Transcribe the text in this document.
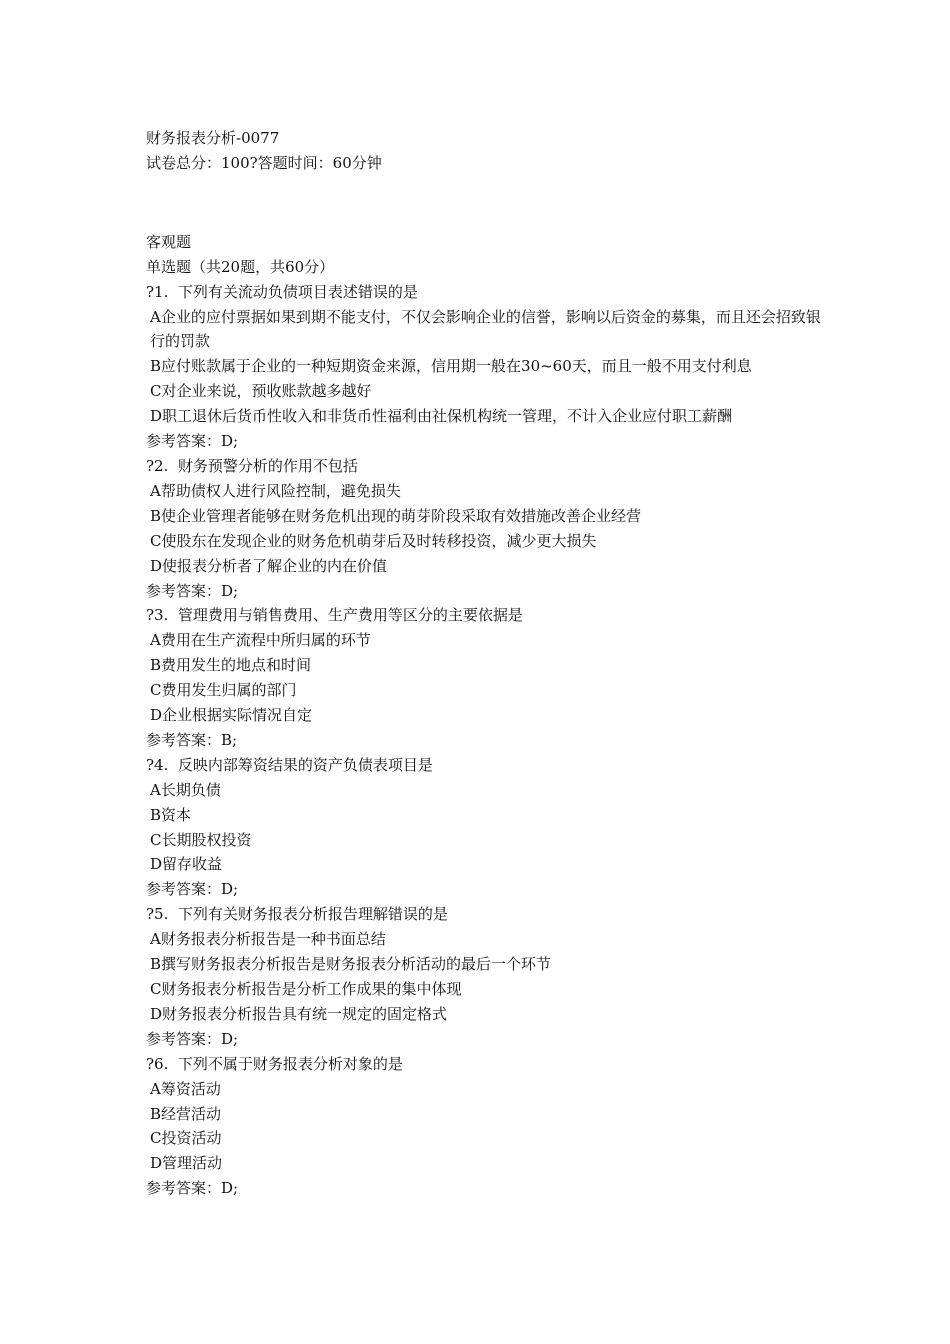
财务报表分析-0077
试卷总分：100?答题时间：60分钟
客观题
单选题（共20题，共60分）
?1.  下列有关流动负债项目表述错误的是
A企业的应付票据如果到期不能支付，不仅会影响企业的信誉，影响以后资金的募集，而且还会招致银行的罚款
B应付账款属于企业的一种短期资金来源，信用期一般在30~60天，而且一般不用支付利息
C对企业来说，预收账款越多越好
D职工退休后货币性收入和非货币性福利由社保机构统一管理，不计入企业应付职工薪酬
参考答案：D;
?2.  财务预警分析的作用不包括
A帮助债权人进行风险控制，避免损失
B使企业管理者能够在财务危机出现的萌芽阶段采取有效措施改善企业经营
C使股东在发现企业的财务危机萌芽后及时转移投资，减少更大损失
D使报表分析者了解企业的内在价值
参考答案：D;
?3.  管理费用与销售费用、生产费用等区分的主要依据是
A费用在生产流程中所归属的环节
B费用发生的地点和时间
C费用发生归属的部门
D企业根据实际情况自定
参考答案：B;
?4.  反映内部筹资结果的资产负债表项目是
A长期负债
B资本
C长期股权投资
D留存收益
参考答案：D;
?5.  下列有关财务报表分析报告理解错误的是
A财务报表分析报告是一种书面总结
B撰写财务报表分析报告是财务报表分析活动的最后一个环节
C财务报表分析报告是分析工作成果的集中体现
D财务报表分析报告具有统一规定的固定格式
参考答案：D;
?6.  下列不属于财务报表分析对象的是
A筹资活动
B经营活动
C投资活动
D管理活动
参考答案：D;
